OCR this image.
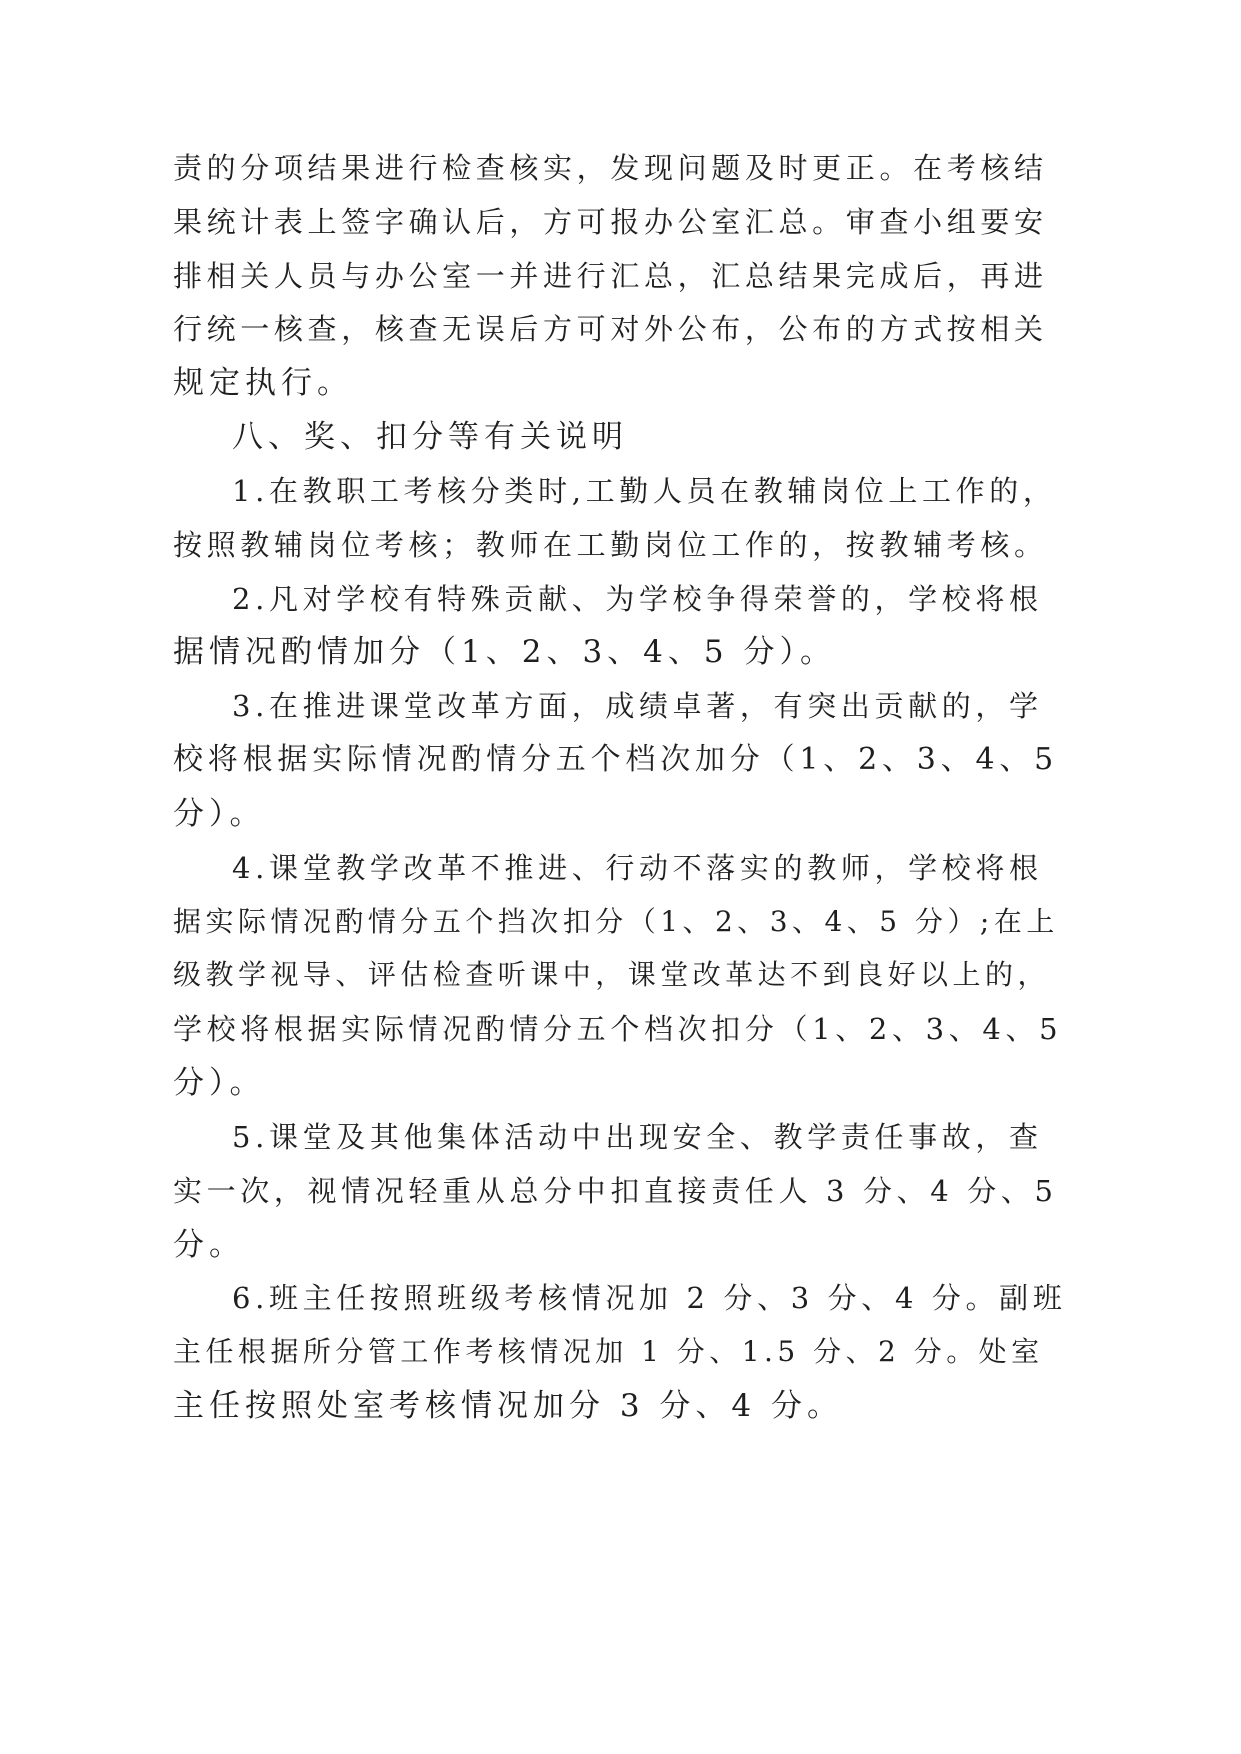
责的分项结果进行检查核实，发现问题及时更正。在考核结

果统计表上签字确认后，方可报办公室汇总。审查小组要安

排相关人员与办公室一并进行汇总，汇总结果完成后，再进

行统一核查，核查无误后方可对外公布，公布的方式按相关

规定执行。

八、奖、扣分等有关说明

1.在教职工考核分类时,工勤人员在教辅岗位上工作的，

按照教辅岗位考核；教师在工勤岗位工作的，按教辅考核。

2.凡对学校有特殊贡献、为学校争得荣誉的，学校将根

据情况酌情加分（1、2、3、4、5 分）。

3.在推进课堂改革方面，成绩卓著，有突出贡献的，学

校将根据实际情况酌情分五个档次加分（1、2、3、4、5

分）。

4.课堂教学改革不推进、行动不落实的教师，学校将根

据实际情况酌情分五个挡次扣分（1、2、3、4、5 分）;在上

级教学视导、评估检查听课中，课堂改革达不到良好以上的，

学校将根据实际情况酌情分五个档次扣分（1、2、3、4、5

分）。

5.课堂及其他集体活动中出现安全、教学责任事故，查

实一次，视情况轻重从总分中扣直接责任人 3 分、4 分、5

分。

6.班主任按照班级考核情况加 2 分、3 分、4 分。副班

主任根据所分管工作考核情况加 1 分、1.5 分、2 分。处室

主任按照处室考核情况加分 3 分、4 分。
